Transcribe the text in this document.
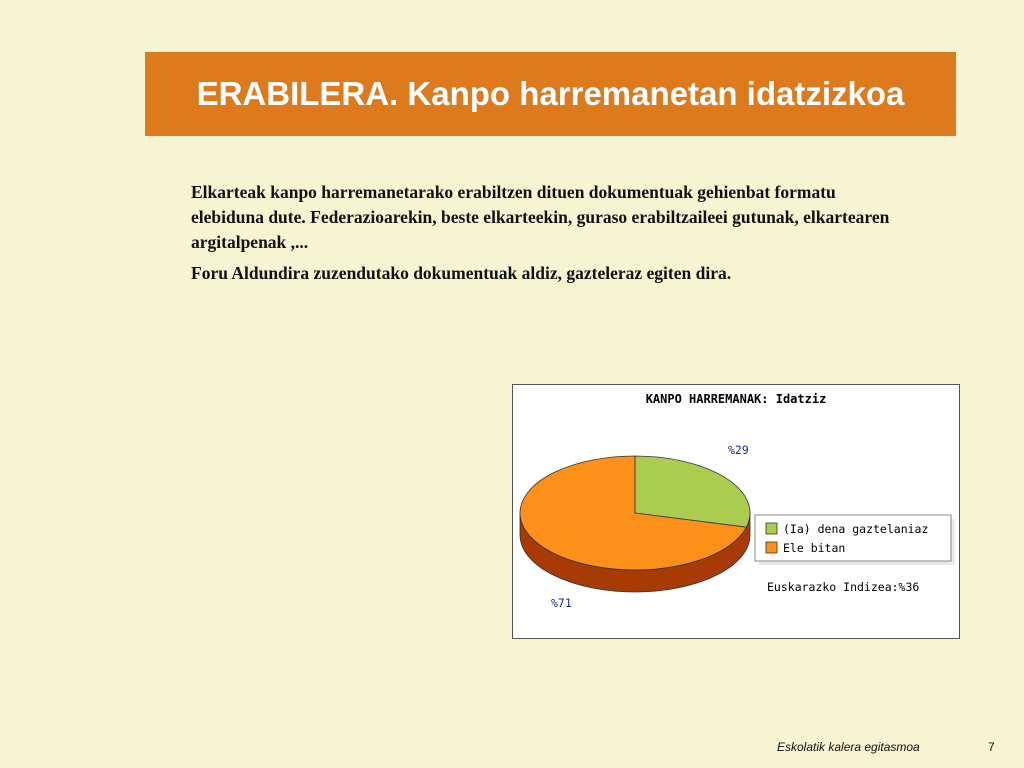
ERABILERA. Kanpo harremanetan idatzizkoa

Elkarteak kanpo harremanetarako erabiltzen dituen dokumentuak gehienbat formatu elebiduna dute. Federazioarekin, beste elkarteekin, guraso erabiltzaileei gutunak, elkartearen argitalpenak ,...

Foru Aldundira zuzendutako dokumentuak aldiz, gazteleraz egiten dira.

KANPO HARREMANAK: Idatziz
%29
%71
(Ia) dena gaztelaniaz
Ele bitan
Euskarazko Indizea:%36
Eskolatik kalera egitasmoa	7
